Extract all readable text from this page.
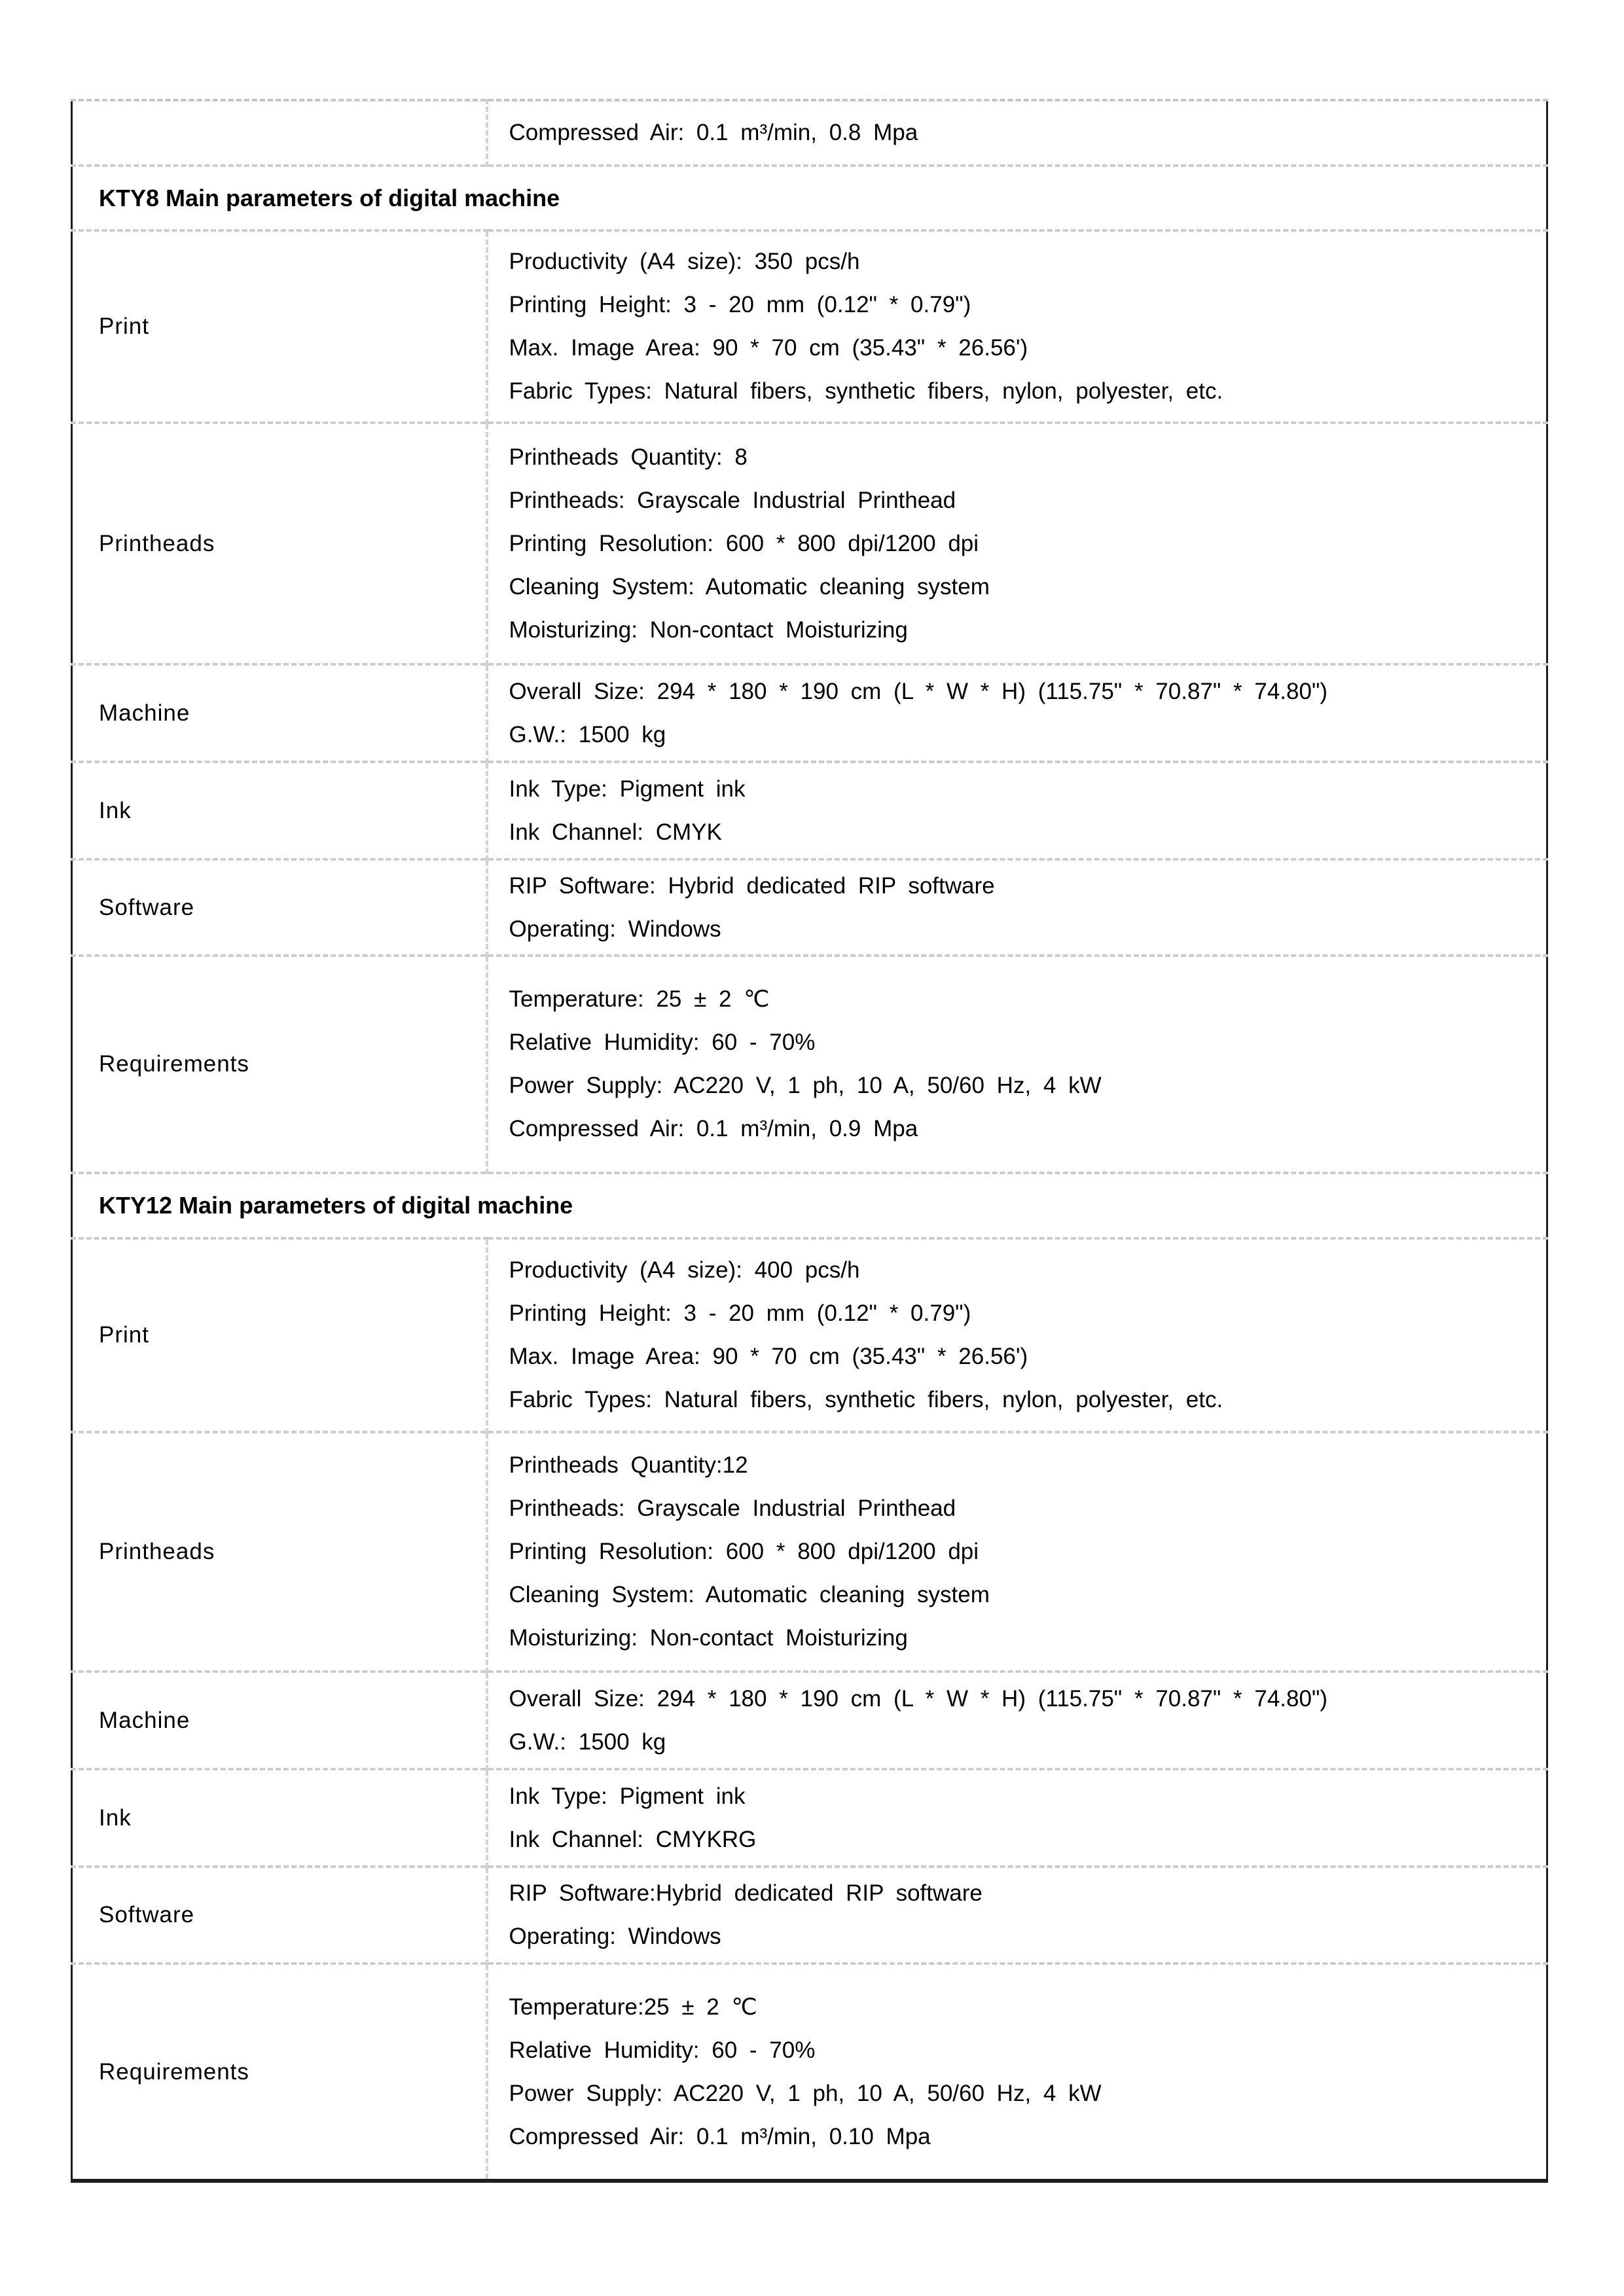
	Compressed Air: 0.1 m³/min, 0.8 Mpa

KTY8 Main parameters of digital machine	
Print	Productivity (A4 size): 350 pcs/h
Printing Height: 3 - 20 mm (0.12" * 0.79")
Max. Image Area: 90 * 70 cm (35.43" * 26.56')
Fabric Types: Natural fibers, synthetic fibers, nylon, polyester, etc.

Printheads	Printheads Quantity: 8
Printheads: Grayscale Industrial Printhead
Printing Resolution: 600 * 800 dpi/1200 dpi
Cleaning System: Automatic cleaning system
Moisturizing: Non-contact Moisturizing

Machine	Overall Size: 294 * 180 * 190 cm (L * W * H) (115.75" * 70.87" * 74.80")
G.W.: 1500 kg

Ink	Ink Type: Pigment ink
Ink Channel: CMYK

Software	RIP Software: Hybrid dedicated RIP software
Operating: Windows

Requirements	Temperature: 25 ± 2 ℃
Relative Humidity: 60 - 70%
Power Supply: AC220 V, 1 ph, 10 A, 50/60 Hz, 4 kW
Compressed Air: 0.1 m³/min, 0.9 Mpa

KTY12 Main parameters of digital machine	
Print	Productivity (A4 size): 400 pcs/h
Printing Height: 3 - 20 mm (0.12" * 0.79")
Max. Image Area: 90 * 70 cm (35.43" * 26.56')
Fabric Types: Natural fibers, synthetic fibers, nylon, polyester, etc.

Printheads	Printheads Quantity:12
Printheads: Grayscale Industrial Printhead
Printing Resolution: 600 * 800 dpi/1200 dpi
Cleaning System: Automatic cleaning system
Moisturizing: Non-contact Moisturizing

Machine	Overall Size: 294 * 180 * 190 cm (L * W * H) (115.75" * 70.87" * 74.80")
G.W.: 1500 kg

Ink	Ink Type: Pigment ink
Ink Channel: CMYKRG

Software	RIP Software:Hybrid dedicated RIP software
Operating: Windows

Requirements	Temperature:25 ± 2 ℃
Relative Humidity: 60 - 70%
Power Supply: AC220 V, 1 ph, 10 A, 50/60 Hz, 4 kW
Compressed Air: 0.1 m³/min, 0.10 Mpa
